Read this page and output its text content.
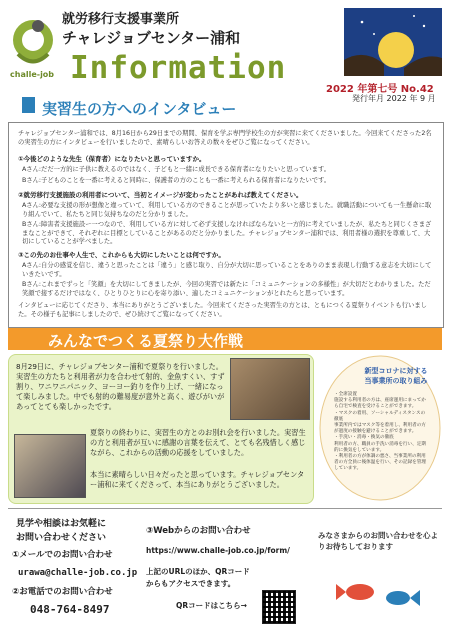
challe-job
就労移行支援事業所
チャレジョブセンター浦和
Information
2022 年第七号 No.42
発行年月 2022 年 9 月
実習生の方へのインタビュー
チャレジョブセンター浦和では、8月16日から29日までの期間、保育を学ぶ専門学校生の方が実習に来てくださいました。今回来てくださった2名の実習生の方にインタビューを行いましたので、素晴らしいお答えの数々をぜひご覧になってください。
①今後どのような先生（保育者）になりたいと思っていますか。
Aさん:だだ一方的に子供に教えるのではなく、子どもと一緒に成長できる保育者になりたいと思っています。
Bさん:子どものことを一番に考えると同時に、保護者の方のことも一番に考えられる保育者になりたいです。
②就労移行支援施設の利用者について、当初とイメージが変わったことがあれば教えてください。
Aさん:必要な支援の形が想像と違っていて、利用している方のできることが思っていたより多いと感じました。就職活動についても一生懸命に取り組んでいて、私たちと同じ気持ちなのだと分かりました。
Bさん:障害者支援施設ー一つなので、利用している方に対して必ず支援しなければならないと一方的に考えていましたが、私たちと同じくさまざまなことができて、それぞれに目標としていることがあるのだと分かりました。チャレジョブセンター浦和では、利用者様の選択を尊重して、大切にしていることが学べました。
③この先のお仕事や人生で、これからも大切にしたいことは何ですか。
Aさん:自分の感覚を信じ、違うと思ったことは「違う」と感じ取り、自分が大切に思っていることをありのまま表現し行動する意志を大切にしていきたいです。
Bさん:これまでずっと「笑顔」を大切にしてきましたが、今回の実習では新たに「コミュニケーションの多様性」が大切だとわかりました。ただ笑顔で接するだけではなく、ひとりひとりに心を寄り添い、適したコミュニケーションがとれたらと思っています。
インタビューに応じてくださり、本当にありがとうございました。今回来てくださった実習生の方とは、ともにつくる夏祭りイベントも行いました。その様子も記事にしましたので、ぜひ続けてご覧になってください。
みんなでつくる夏祭り大作戦
8月29日に、チャレジョブセンター浦和で夏祭りを行いました。実習生の方たちと利用者が力を合わせて射的、金魚すくい、すず割り、ワニワニパニック、ヨーヨー釣りを作り上げ、一緒になって楽しみました。中でも射的の難易度が意外と高く、遊びがいがあってとても楽しかったです。
夏祭りの終わりに、実習生の方とのお別れ会を行いました。実習生の方と利用者が互いに感謝の言葉を伝えて、とても名残惜しく感じながら、これからの活動の応援をしていました。
本当に素晴らしい日々だったと思っています。チャレジョブセンター浦和に来てくださって、本当にありがとうございました。
新型コロナに対する
当事業所の取り組み
・全席設置
施設する利用者の方は、座席運用にまってから自宅で検査を受けることができます。
・マスクの着用、ソーシャルディスタンスの徹底
事業所内ではマスク等を着用し、利用者の方が過度の接触を避けることができます。
・手洗い・消毒・換気の徹底
利用者の方、職員の手洗い消毒を行い、定期的に換気をしています。
・利用者の方が体調の悪さ、当事業所の利用者の方全員に後体温を行い、その記録を管理しています。
見学や相談はお気軽に
お問い合わせください
①メールでのお問い合わせ
urawa@challe-job.co.jp
②お電話でのお問い合わせ
048-764-8497
③Webからのお問い合わせ
https://www.challe-job.co.jp/form/
上記のURLのほか、QRコード
からもアクセスできます。
QRコードはこちら→
みなさまからのお問い合わせを心よりお待ちしております
